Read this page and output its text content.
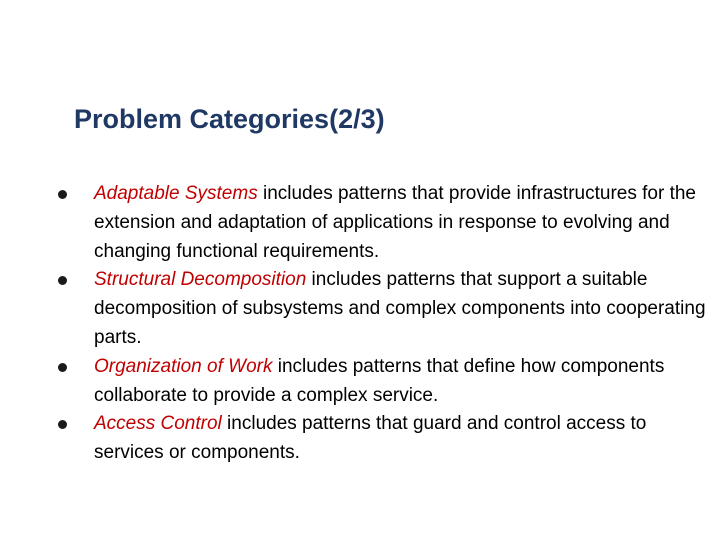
Problem Categories(2/3)
Adaptable Systems includes patterns that provide infrastructures for the extension and adaptation of applications in response to evolving and changing functional requirements.
Structural Decomposition includes patterns that support a suitable decomposition of subsystems and complex components into cooperating parts.
Organization of Work includes patterns that define how components collaborate to provide a complex service.
Access Control includes patterns that guard and control access to services or components.
